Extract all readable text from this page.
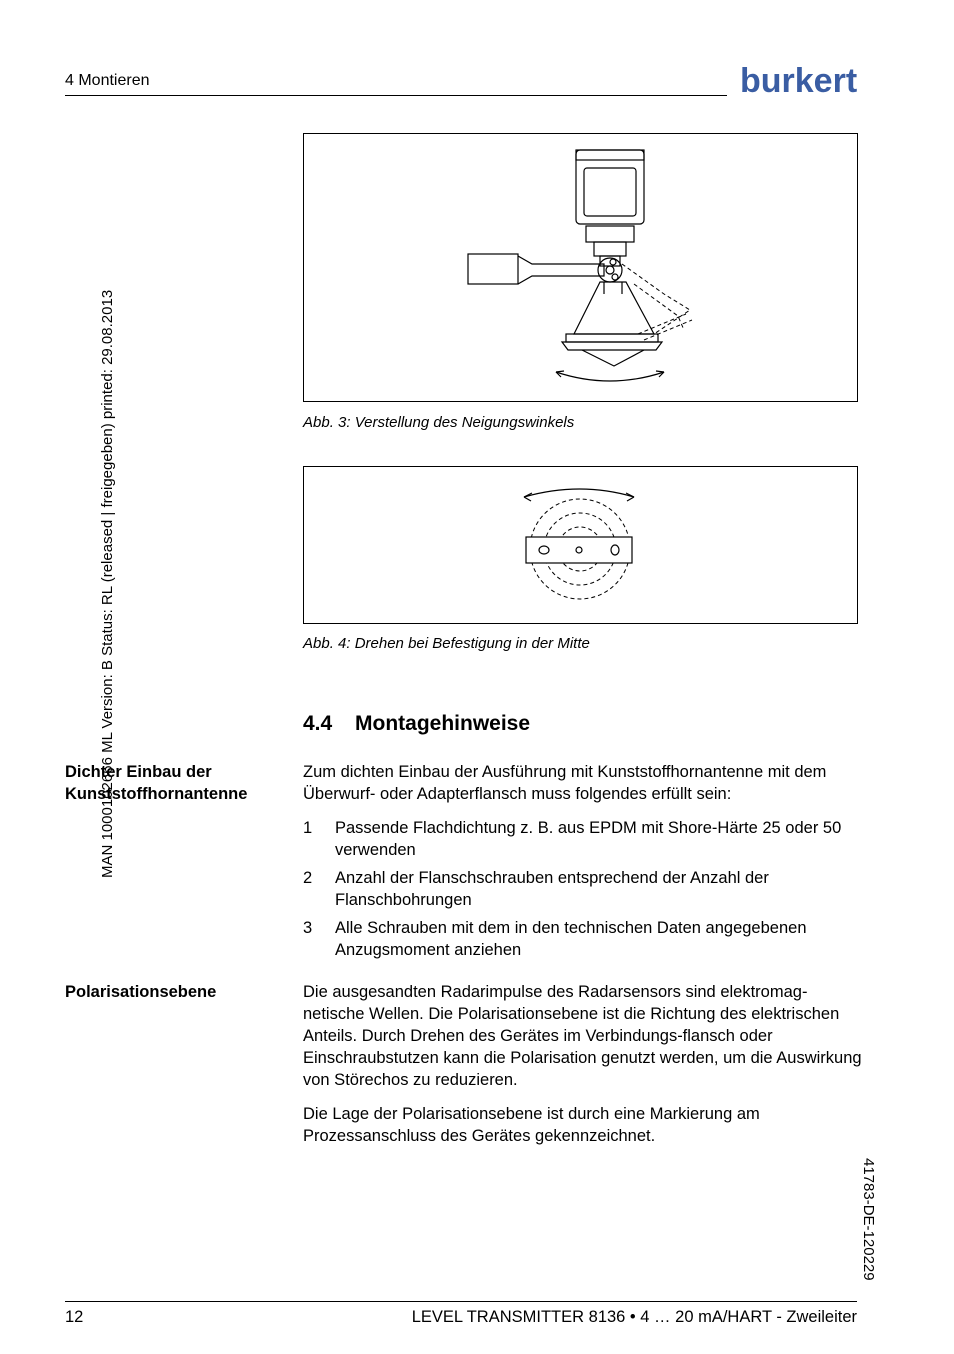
4 Montieren	burkert
MAN 1000102666 ML Version: B Status: RL (released | freigegeben) printed: 29.08.2013
41783-DE-120229
Abb. 3: Verstellung des Neigungswinkels
Abb. 4: Drehen bei Befestigung in der Mitte
4.4 Montagehinweise
Dichter Einbau der
Kunststoffhornantenne
Zum dichten Einbau der Ausführung mit Kunststoffhornantenne mit dem Überwurf- oder Adapterflansch muss folgendes erfüllt sein:
1	Passende Flachdichtung z. B. aus EPDM mit Shore-Härte 25 oder 50 verwenden
2	Anzahl der Flanschschrauben entsprechend der Anzahl der Flanschbohrungen
3	Alle Schrauben mit dem in den technischen Daten angegebenen Anzugsmoment anziehen
Polarisationsebene	Die ausgesandten Radarimpulse des Radarsensors sind elektromag-netische Wellen. Die Polarisationsebene ist die Richtung des elektrischen Anteils. Durch Drehen des Gerätes im Verbindungs-flansch oder Einschraubstutzen kann die Polarisation genutzt werden, um die Auswirkung von Störechos zu reduzieren.
Die Lage der Polarisationsebene ist durch eine Markierung am Prozessanschluss des Gerätes gekennzeichnet.
12	LEVEL TRANSMITTER 8136 • 4 … 20 mA/HART - Zweileiter
